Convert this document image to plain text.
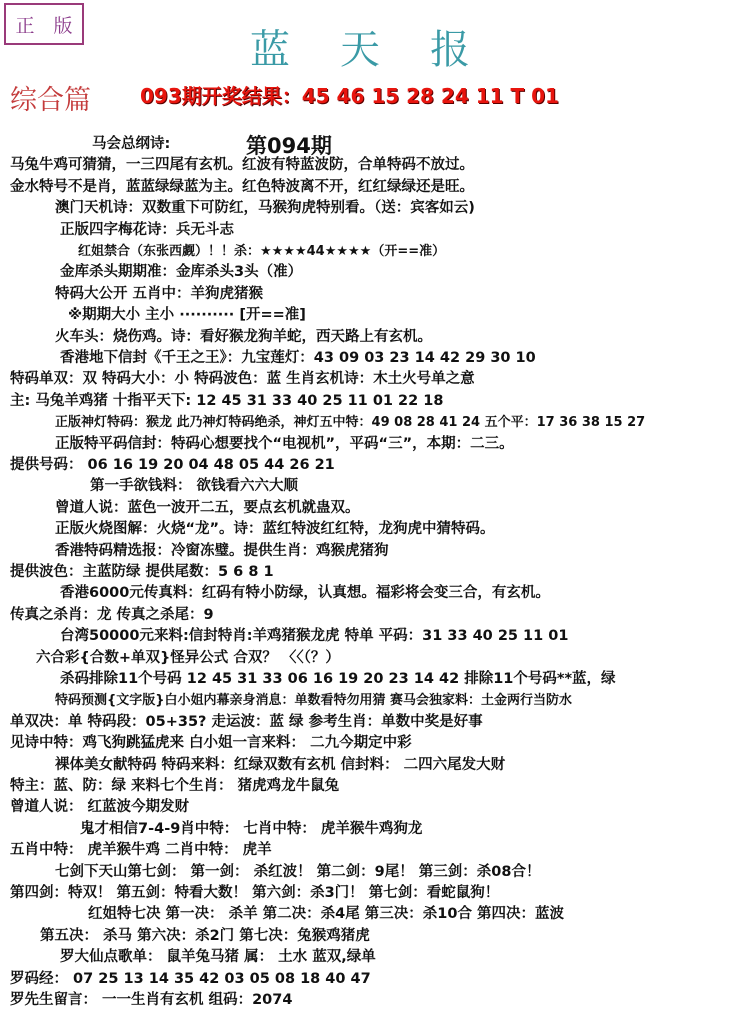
正 版
蓝天报
综合篇 093期开奖结果：45 46 15 28 24 11 T 01
第094期
马会总纲诗:
马兔牛鸡可猜猜，一三四尾有玄机。红波有特蓝波防，合单特码不放过。
金水特号不是肖，蓝蓝绿绿蓝为主。红色特波离不开，红红绿绿还是旺。
澳门天机诗：双数重下可防红，马猴狗虎特别看。（送：宾客如云)
正版四字梅花诗：兵无斗志
红姐禁合（东张西觑）！！杀：★★★★44★★★★（开==准）
金库杀头期期准：金库杀头3头（准）
特码大公开 五肖中：羊狗虎猪猴
※期期大小 主小 ·········· [开==准]
火车头：烧伤鸡。诗：看好猴龙狗羊蛇，西天路上有玄机。
香港地下信封《千王之王》：九宝莲灯：43 09 03 23 14 42 29 30 10
特码单双：双 特码大小：小 特码波色：蓝 生肖玄机诗：木土火号单之意
主: 马兔羊鸡猪 十指平天下: 12 45 31 33 40 25 11 01 22 18
正版神灯特码：猴龙 此乃神灯特码绝杀，神灯五中特：49 08 28 41 24 五个平：17 36 38 15 27
正版特平码信封：特码心想要找个“电视机”，平码“三”，本期：二三。
提供号码： 06 16 19 20 04 48 05 44 26 21
第一手欲钱料： 欲钱看六六大顺
曾道人说：蓝色一波开二五，要点玄机就蛊双。
正版火烧图解：火烧“龙”。诗：蓝红特波红红特，龙狗虎中猜特码。
香港特码精选报：冷窗冻璧。提供生肖：鸡猴虎猪狗
提供波色：主蓝防绿 提供尾数：5 6 8 1
香港6000元传真料：红码有特小防绿，认真想。福彩将会变三合，有玄机。
传真之杀肖：龙 传真之杀尾：9
台湾50000元来料:信封特肖:羊鸡猪猴龙虎 特单 平码：31 33 40 25 11 01
六合彩{合数+单双}怪异公式 合双？ 〈〈（？）
杀码排除11个号码 12 45 31 33 06 16 19 20 23 14 42 排除11个号码**蓝，绿
特码预测{文字版}白小姐内幕亲身消息：单数看特勿用猜 赛马会独家料：土金两行当防水
单双决：单 特码段：05+35? 走运波：蓝 绿 参考生肖：单数中奖是好事
见诗中特：鸡飞狗跳猛虎来 白小姐一言来料： 二九今期定中彩
裸体美女献特码 特码来料：红绿双数有玄机 信封料： 二四六尾发大财
特主：蓝、防：绿 来料七个生肖： 猪虎鸡龙牛鼠兔
曾道人说： 红蓝波今期发财
鬼才相信7-4-9肖中特： 七肖中特： 虎羊猴牛鸡狗龙
五肖中特： 虎羊猴牛鸡 二肖中特： 虎羊
七剑下天山第七剑： 第一剑： 杀红波！ 第二剑：9尾！ 第三剑：杀08合！
第四剑：特双！ 第五剑：特看大数！ 第六剑：杀3门！ 第七剑：看蛇鼠狗！
红姐特七决 第一决： 杀羊 第二决：杀4尾 第三决：杀10合 第四决：蓝波
第五决： 杀马 第六决：杀2门 第七决：兔猴鸡猪虎
罗大仙点歌单： 鼠羊兔马猪 属： 土水 蓝双,绿单
罗码经： 07 25 13 14 35 42 03 05 08 18 40 47
罗先生留言： 一一生肖有玄机 组码：2074
